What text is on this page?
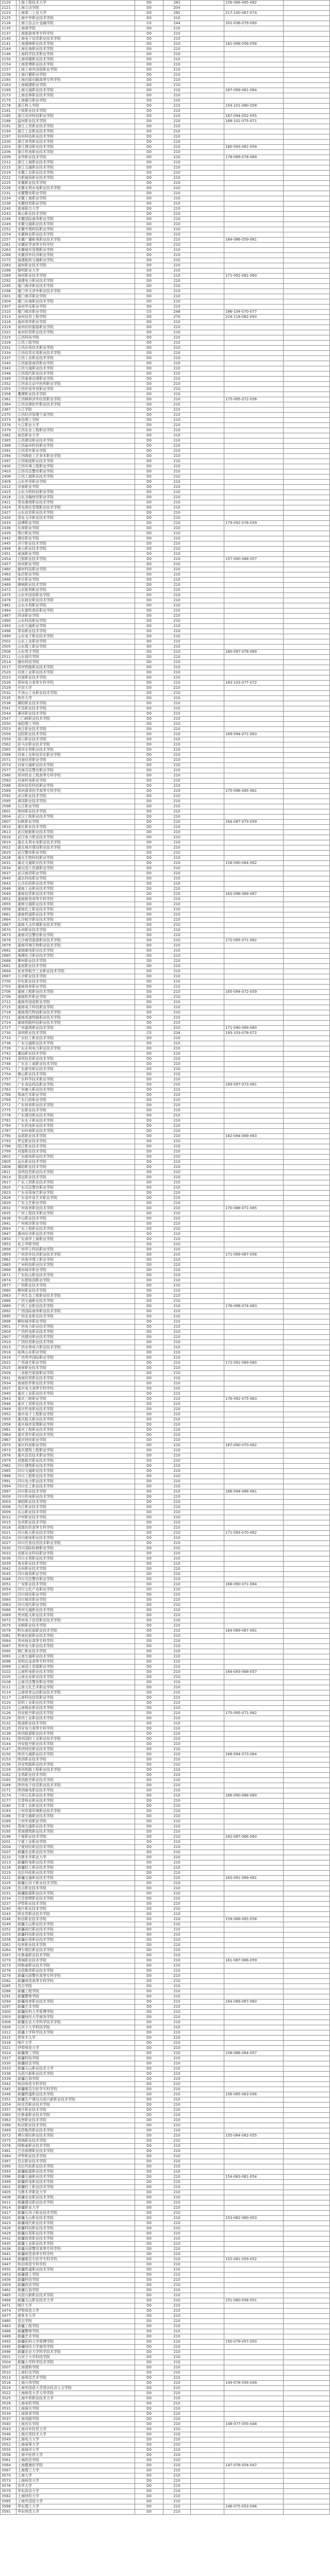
2120	上海工程技术大学	D0	282		156-066-065-082	
2121	上海立达学院	D0	204			
2123	上海第二工业大学	D0	282		217-100-067-07A	
2125	上海中华职业技术学院	D0	210			
2128	上海立信会计金融学院	C0	244		201-036-079-090	
2135	上海商学院	D0	210			
2137	上海旅游高等专科学校	D0	210			
2140	上海电子信息职业技术学院	D0	210			
2141	上海建峰职业技术学院	D0	210		181-098-056-058	
2144	上海东海职业技术学院	D0	210			
2146	上海科学技术职业学院	D0	210			
2150	上海邦德职业技术学院	D0	210			
2154	上海思博职业技术学院	D0	210			
2157	上海工商外国语职业学院	D0	210			
2158	上海行健职业学院	D0	210			
2160	上海出版印刷高等专科学校	D0	210			
2163	上海城建职业学院	D0	210			
2169	上海交通职业技术学院	D0	210		167-099-061-064	
2173	上海农林职业技术学院	D0	210			
2175	上海震旦职业学院	D0	210			
2178	浙江树人学院	D0	210		154-101-080-058	
2181	宁波职业技术学院	D0	210			
2185	浙江同济科技职业学院	D0	210		167-094-052-055	
2188	温州职业技术学院	D0	210		168-101-075-071	
2191	浙江工贸职业技术学院	D0	210			
2194	浙江工业职业技术学院	D0	210			
2197	杭州科技职业技术学院	D0	210			
2200	浙江育英职业技术学院	D0	210			
2203	浙江建设职业技术学院	D0	210		180-093-061-059	
2206	浙江机电职业技术学院	D0	210			
2209	金华职业技术学院	D0	210		178-099-078-069	
2212	浙江工商职业技术学院	D0	210			
2215	浙江交通职业技术学院	D0	210			
2219	安徽工业职业技术学院	D0	210			
2222	合肥通用职业技术学院	D0	210			
2225	安徽职业技术学院	D0	210			
2228	安徽水利水电职业技术学院	D0	210			
2231	安徽警官职业学院	D0	210			
2234	安徽工商职业学院	D0	210			
2238	安徽财贸职业学院	D0	210			
2240	淮南联合大学	D0	210			
2243	黄山职业技术学院	D0	210			
2246	安徽国际商务职业学院	D0	210			
2249	安徽交通职业技术学院	D0	210			
2252	安徽中澳科技职业学院	D0	210			
2254	安徽林业职业技术学院	D0	210			
2257	安徽广播影视职业技术学院	D0	210		164-086-059-061	
2261	安徽医学高等专科学校	D0	210			
2263	安徽城市管理职业学院	D0	210			
2266	安徽涉外经济职业学院	D0	210			
2275	福建船政交通职业学院	D0	210			
2283	福州职业技术学院	D0	210			
2286	黎明职业大学	D0	210			
2289	漳州职业技术学院	D0	210		171-092-081-060	
2292	福建电力职业技术学院	D0	210			
2295	厦门海洋职业技术学院	D0	210			
2298	厦门华天涉外职业技术学院	D0	210			
2301	厦门南洋职业学院	D0	210			
2304	厦门东海职业技术学院	D0	210			
2307	泉州华光职业学院	D0	210			
2310	厦门城市职业学院	C0	248		186-104-070-077	
2313	泉州信息工程学院	D0	270		224-118-082-093	
2316	福州英华职业学院	D0	210			
2319	泉州纺织服装职业学院	D0	210			
2322	泉州经贸职业技术学院	D0	210			
2325	江西科技学院	D0	210			
2328	江西工程学院	D0	210			
2331	江西应用技术职业学院	D0	210			
2334	江西信息应用职业技术学院	D0	210			
2337	江西工业职业技术学院	D0	210			
2340	江西旅游商贸职业学院	D0	210			
2343	江西交通职业技术学院	D0	210			
2346	江西现代职业技术学院	D0	210			
2349	江西泰豪动漫职业学院	D0	210			
2352	江西省北京中医药职业学院	D0	210			
2355	江西外语外贸职业学院	D0	210			
2358	鹰潭职业技术学院	D0	210			
2361	江西枫林涉外经贸职业学院	D0	210		175-095-072-056	
2364	江西先锋软件职业技术学院	D0	210			
2367	九江学院	D0	210			
2370	江西经济管理干部学院	D0	210			
2373	南昌理工学院	D0	210			
2376	九江职业大学	D0	210			
2379	江西农业工程职业学院	D0	210			
2382	南昌职业大学	D0	210			
2385	江西建设职业技术学院	D0	210			
2388	江西渝州科技职业学院	D0	210			
2391	江西青年职业学院	D0	210			
2394	江西陶瓷工艺美术职业学院	D0	210			
2397	江西制造职业技术学院	D0	210			
2400	江西环境工程职业学院	D0	210			
2403	江西司法警官职业学院	D0	210			
2406	江西工商职业技术学院	D0	210			
2409	山东外贸职业学院	D0	210			
2412	济南职业学院	D0	210			
2415	山东力明科技职业学院	D0	210			
2418	山东圣翰财贸职业学院	D0	210			
2421	青岛港湾职业技术学院	D0	210			
2424	青岛酒店管理职业技术学院	D0	210			
2427	山东信息职业技术学院	D0	210			
2430	青岛飞洋职业技术学院	D0	210			
2433	淄博职业学院	D0	210		179-092-076-059	
2436	东营职业学院	D0	210			
2439	烟台职业学院	D0	210			
2442	潍坊职业学院	D0	210			
2445	济宁职业技术学院	D0	210			
2448	泰山职业技术学院	D0	210			
2451	威海职业学院	D0	210			
2454	日照职业技术学院	D0	210		157-090-068-057	
2457	滨州职业学院	D0	210			
2460	德州科技职业学院	D0	210			
2463	临沂职业学院	D0	210			
2466	枣庄职业学院	D0	210			
2469	聊城职业技术学院	D0	210			
2472	山东胜利职业学院	D0	210			
2475	山东外国语职业学院	D0	210			
2478	山东商业职业技术学院	D0	210			
2481	山东水利职业学院	D0	210			
2484	山东畜牧兽医职业学院	D0	210			
2487	菏泽职业学院	D0	210			
2490	山东科技职业学院	D0	210			
2493	山东交通职业学院	D0	210			
2496	青岛职业技术学院	D0	210			
2499	山东电子职业技术学院	D0	210			
2502	山东工业职业学院	D0	210			
2505	山东理工职业学院	D0	210			
2508	山东英才学院	D0	210		180-097-078-069	
2511	山东现代学院	D0	210			
2514	潍坊科技学院	D0	210			
2517	郑州铁路职业技术学院	D0	210			
2520	河南工业职业技术学院	D0	210			
2523	河南职业技术学院	D0	210			
2526	郑州电力高等专科学校	D0	210		183-103-077-072	
2529	开封大学	D0	210			
2532	平顶山工业职业技术学院	D0	210			
2535	焦作大学	D0	210			
2538	濮阳职业技术学院	D0	210			
2541	许昌职业技术学院	D0	210			
2544	漯河职业技术学院	D0	210			
2547	三门峡职业技术学院	D0	210			
2550	南阳理工学院	D0	210			
2553	商丘职业技术学院	D0	210			
2556	信阳职业技术学院	D0	210		169-094-071-063	
2559	周口职业技术学院	D0	210			
2562	驻马店职业技术学院	D0	210			
2565	黄河水利职业技术学院	D0	210			
2568	河南工业和信息化职业学院	D0	210			
2571	河南经贸职业学院	D0	210			
2574	河南交通职业技术学院	D0	210			
2577	河南司法警官职业学院	D0	210			
2580	郑州牧业工程高等专科学校	D0	210			
2583	河南机电职业学院	D0	210			
2586	郑州信息科技职业学院	D0	210			
2589	郑州澍青医学高等专科学校	D0	210		175-096-065-061	
2592	武汉职业技术学院	D0	210			
2595	黄冈职业技术学院	D0	210			
2598	长江职业学院	D0	210			
2601	荆州职业技术学院	D0	210			
2604	武汉工程职业技术学院	D0	210			
2607	仙桃职业学院	D0	210		164-087-073-059	
2610	湖北职业技术学院	D0	210			
2613	武汉船舶职业技术学院	D0	210			
2616	武汉电力职业技术学院	D0	210			
2619	湖北水利水电职业技术学院	D0	210			
2622	湖北城市建设职业技术学院	D0	210			
2625	武汉警官职业学院	D0	210			
2628	湖北生物科技职业学院	D0	210			
2631	湖北交通职业技术学院	D0	210		158-090-064-062	
2634	湖北国土资源职业学院	D0	210			
2637	武汉商贸职业学院	D0	210			
2640	湖北科技职业学院	D0	210			
2643	长沙民政职业技术学院	D0	210			
2646	湖南工业职业技术学院	D0	210			
2649	湖南信息职业技术学院	D0	210		163-098-069-067	
2652	湖南税务高等专科学校	D0	210			
2655	湖南交通职业技术学院	D0	210			
2658	湖南化工职业技术学院	D0	210			
2661	湖南铁道职业技术学院	D0	210			
2664	长沙航空职业技术学院	D0	210			
2667	湖南大众传媒职业技术学院	D0	210			
2670	永州职业技术学院	D0	210			
2673	湖南司法警官职业学院	D0	210			
2676	长沙商贸旅游职业技术学院	D0	210		172-095-071-062	
2679	湖南环境生物职业技术学院	D0	210			
2682	湖南邮电职业技术学院	D0	210			
2685	湘潭医卫职业技术学院	D0	210			
2688	郴州职业技术学院	D0	210			
2691	娄底职业技术学院	D0	210			
2694	张家界航空工业职业技术学院	D0	210			
2697	长沙职业技术学院	D0	210			
2700	怀化职业技术学院	D0	210			
2703	湖南体育职业学院	D0	210			
2706	湖南工程职业技术学院	D0	210		165-094-072-059	
2709	湖南软件职业学院	D0	210			
2712	湖南外国语职业学院	D0	210			
2715	湖南电子科技职业学院	D0	210			
2718	湖南现代物流职业技术学院	D0	210			
2721	湖南高速铁路职业技术学院	D0	210			
2724	湖南铁路科技职业技术学院	D0	210			
2727	广州番禺职业技术学院	D0	210		171-090-069-060	
2730	深圳职业技术学院	C0	234		193-103-078-072	
2733	广东轻工职业技术学院	D0	210			
2736	广东交通职业技术学院	D0	210			
2739	广东水利电力职业技术学院	D0	210			
2742	潮汕职业技术学院	D0	210			
2745	深圳信息职业技术学院	D0	210			
2748	广东农工商职业技术学院	D0	210			
2751	广东新安职业技术学院	D0	210			
2754	佛山职业技术学院	D0	210			
2757	广东科学技术职业学院	D0	210			
2760	广东食品药品职业学院	D0	210		169-097-073-061	
2763	广州康大职业技术学院	D0	210			
2766	珠海艺术职业学院	D0	210			
2769	广东行政职业学院	D0	210			
2772	广东体育职业技术学院	D0	210			
2775	广东职业技术学院	D0	210			
2778	广东建设职业技术学院	D0	210			
2781	广东女子职业技术学院	D0	210			
2784	广东机电职业技术学院	D0	210			
2787	广东岭南职业技术学院	D0	210			
2790	汕尾职业技术学院	D0	210		162-094-069-063	
2793	罗定职业技术学院	D0	210			
2796	阳江职业技术学院	D0	210			
2799	河源职业技术学院	D0	210			
2802	广东邮电职业技术学院	D0	210			
2805	汕头职业技术学院	D0	210			
2808	揭阳职业技术学院	D0	210			
2811	深圳信息职业技术学院	D0	210			
2814	清远职业技术学院	D0	210			
2817	广东工贸职业技术学院	D0	210			
2820	广东司法警官职业学院	D0	210			
2823	广东亚视演艺职业学院	D0	210			
2826	广东省外语艺术职业学院	D0	210			
2829	广东文艺职业学院	D0	210			
2832	广州体育职业技术学院	D0	210		170-088-071-065	
2835	广州工程技术职业学院	D0	210			
2838	中山职业技术学院	D0	210			
2841	广州城市职业学院	D0	210			
2844	广东工程职业技术学院	D0	210			
2847	惠州经济职业技术学院	D0	210			
2850	广东南华工商职业学院	D0	210			
2853	私立华联学院	D0	210			
2856	广州华立科技职业学院	D0	210			
2859	广州涉外经济职业技术学院	D0	210		171-099-067-058	
2862	广州南洋理工职业学院	D0	210			
2865	广州科技职业技术学院	D0	210			
2868	惠州城市职业学院	D0	210			
2871	广东松山职业技术学院	D0	210			
2874	广东碧桂园职业学院	D0	210			
2877	广西职业技术学院	D0	210			
2880	柳州职业技术学院	D0	210			
2883	广西生态工程职业技术学院	D0	210			
2886	广西交通职业技术学院	D0	210			
2889	广西工业职业技术学院	D0	210		176-098-074-063	
2892	广西国际商务职业技术学院	D0	210			
2895	广西农业职业技术学院	D0	210			
2898	柳州城市职业学院	D0	210			
2901	广西电力职业技术学院	D0	210			
2904	广西机电职业技术学院	D0	210			
2907	广西建设职业技术学院	D0	210			
2910	广西经贸职业技术学院	D0	210			
2913	广西水利电力职业技术学院	D0	210			
2916	桂林山水职业学院	D0	210			
2919	广西英华国际职业学院	D0	210			
2922	广西演艺职业学院	D0	210		172-091-069-060	
2925	海南职业技术学院	D0	210			
2928	三亚航空旅游职业学院	D0	210			
2931	海南经贸职业技术学院	D0	210			
2934	海南软件职业技术学院	D0	210			
2937	重庆电力高等专科学校	D0	210			
2940	重庆工业职业技术学院	D0	210			
2943	重庆三峡职业学院	D0	210		176-092-075-063	
2946	重庆工贸职业技术学院	D0	210			
2949	重庆机电职业技术学院	D0	210			
2952	重庆电子工程职业学院	D0	210			
2955	重庆航天职业技术学院	D0	210			
2958	重庆城市管理职业学院	D0	210			
2961	重庆工程职业技术学院	D0	210			
2964	重庆青年职业技术学院	D0	210			
2967	重庆财经职业学院	D0	210			
2970	重庆科创职业学院	D0	210		167-090-070-062	
2973	重庆建筑工程职业学院	D0	210			
2976	重庆信息技术职业学院	D0	210			
2979	成都航空职业技术学院	D0	210			
2982	四川建筑职业技术学院	D0	210			
2985	四川交通职业技术学院	D0	210			
2988	四川工程职业技术学院	D0	210			
2991	四川电力职业技术学院	D0	210			
2994	四川化工职业技术学院	D0	210			
2997	四川职业技术学院	D0	210		166-094-068-061	
3000	四川机电职业技术学院	D0	210			
3003	绵阳职业技术学院	D0	210			
3006	内江职业技术学院	D0	210			
3009	乐山职业技术学院	D0	210			
3012	泸州职业技术学院	D0	210			
3015	宜宾职业技术学院	D0	210			
3018	成都纺织高等专科学校	D0	210			
3021	四川航天职业技术学院	D0	210		171-093-070-062	
3024	四川邮电职业技术学院	D0	210			
3027	四川托普信息技术职业学院	D0	210			
3030	四川国际标榜职业学院	D0	210			
3033	成都农业科技职业学院	D0	210			
3036	四川水利职业技术学院	D0	210			
3039	南充职业技术学院	D0	210			
3042	达州职业技术学院	D0	210			
3045	四川商务职业学院	D0	210			
3048	四川司法警官职业学院	D0	210			
3051	广安职业技术学院	D0	210		166-090-071-064	
3054	四川文化产业职业学院	D0	210			
3057	四川财经职业学院	D0	210			
3060	四川城市职业学院	D0	210			
3063	四川现代职业学院	D0	210			
3066	贵州交通职业技术学院	D0	210			
3069	贵州航天职业技术学院	D0	210			
3072	贵州电子信息职业技术学院	D0	210			
3075	安顺职业技术学院	D0	210			
3078	黔东南民族职业技术学院	D0	210		164-089-067-061	
3081	黔南民族职业技术学院	D0	210			
3084	贵州商业高等专科学校	D0	210			
3087	贵州电力职业技术学院	D0	210			
3090	铜仁职业技术学院	D0	210			
3093	云南交通职业技术学院	D0	210			
3096	昆明冶金高等专科学校	D0	210			
3099	云南国土资源职业学院	D0	210			
3102	云南机电职业技术学院	D0	210		164-093-068-057	
3105	云南农业职业技术学院	D0	210			
3108	云南司法警官职业学院	D0	210			
3111	云南文化艺术职业学院	D0	210			
3114	云南体育运动职业技术学院	D0	210			
3117	云南科技信息职业学院	D0	210			
3120	昆明工业职业技术学院	D0	210			
3123	云南锡业职业技术学院	D0	210			
3126	西安航空职业技术学院	D0	210		175-095-071-062	
3129	陕西工业职业技术学院	D0	210			
3132	杨凌职业技术学院	D0	210			
3135	西安电力高等专科学校	D0	210			
3138	陕西能源职业技术学院	D0	210			
3141	陕西国防工业职业技术学院	D0	210			
3144	西安航空职业技术学院	D0	210			
3147	陕西财经职业技术学院	D0	210			
3150	陕西交通职业技术学院	D0	210		168-094-073-064	
3153	陕西职业技术学院	D0	210			
3156	西安铁路职业技术学院	D0	210			
3159	陕西铁路工程职业技术学院	D0	210			
3162	宝鸡职业技术学院	D0	210			
3165	陕西航空职业技术学院	D0	210			
3168	陕西电子信息职业技术学院	D0	210			
3171	陕西邮电职业技术学院	D0	210			
3174	兰州石化职业技术学院	D0	210		166-090-068-060	
3177	甘肃林业职业技术学院	D0	210			
3180	甘肃工业职业技术学院	D0	210			
3183	兰州资源环境职业技术学院	D0	210			
3186	甘肃交通职业技术学院	D0	210			
3189	兰州外语职业学院	D0	210			
3192	青海交通职业技术学院	D0	210			
3195	青海建筑职业技术学院	D0	210			
3198	宁夏职业技术学院	D0	210		162-087-066-060	
3201	宁夏工业职业学院	D0	210			
3204	宁夏财经职业技术学院	D0	210			
3207	新疆农业职业技术学院	D0	210			
3210	乌鲁木齐职业大学	D0	210			
3213	新疆机电职业技术学院	D0	210			
3216	新疆轻工职业技术学院	D0	210			
3219	克拉玛依职业技术学院	D0	210			
3222	新疆交通职业技术学院	D0	210		163-091-069-061	
3225	新疆石河子职业技术学院	D0	210			
3228	昌吉职业技术学院	D0	210			
3231	新疆能源职业技术学院	D0	210			
3234	巴音郭楞职业技术学院	D0	210			
3237	伊犁职业技术学院	D0	210			
3240	喀什职业技术学院	D0	210			
3243	阿克苏职业技术学院	D0	210			
3246	和田职业技术学院	D0	210		159-088-065-058	
3249	新疆天山职业技术学院	D0	210			
3252	新疆现代职业技术学院	D0	210			
3255	新疆科技职业技术学院	D0	210			
3258	新疆应用职业技术学院	D0	210			
3261	哈密职业技术学院	D0	210			
3264	博尔塔拉职业技术学院	D0	210			
3267	吐鲁番职业技术学院	D0	210			
3270	塔城职业技术学院	D0	210		161-087-066-059	
3273	阿勒泰职业技术学院	D0	210			
3276	克孜勒苏职业技术学院	D0	210			
3279	新疆兵团警官高等专科学校	D0	210			
3282	新疆师范高等专科学校	D0	210			
3285	昌吉学院	D0	210			
3288	新疆工程学院	D0	210			
3291	新疆警察学院	D0	210			
3294	新疆体育职业技术学院	D0	210		164-089-067-060	
3297	新疆艺术学院	D0	210			
3300	新疆医科大学厚博学院	D0	210			
3303	新疆财经大学商务学院	D0	210			
3306	新疆农业大学科学技术学院	D0	210			
3309	石河子大学科技学院	D0	210			
3312	新疆大学科学技术学院	D0	210			
3315	塔里木大学	D0	210			
3318	喀什大学	D0	210			
3321	伊犁师范大学	D0	210			
3324	新疆理工学院	D0	210		158-086-064-057	
3327	新疆科技学院	D0	210			
3330	新疆政法学院	D0	210			
3333	新疆天山职业技术大学	D0	210			
3336	兵团兴新职业技术学院	D0	210			
3339	新疆石油学院	D0	210			
3342	和田师范专科学校	D0	210			
3345	新疆维吾尔医学专科学校	D0	210			
3348	新疆铁道职业技术学院	D0	210		156-085-063-056	
3351	新疆生产建设兵团兴新职业技术学院	D0	210			
3354	阿克苏职业技术学院	D0	210			
3357	喀什职业技术学院	D0	210			
3360	吐鲁番职业技术学院	D0	210			
3363	哈密职业技术学院	D0	210			
3366	和田职业技术学院	D0	210			
3369	克孜勒苏职业技术学院	D0	210			
3372	博尔塔拉职业技术学院	D0	210		155-084-062-055	
3375	塔城职业技术学院	D0	210			
3378	阿勒泰职业技术学院	D0	210			
3381	巴音郭楞职业技术学院	D0	210			
3384	伊犁职业技术学院	D0	210			
3387	昌吉职业技术学院	D0	210			
3390	克拉玛依职业技术学院	D0	210			
3393	新疆能源职业技术学院	D0	210			
3396	新疆交通职业技术学院	D0	210		154-083-061-054	
3399	新疆机电职业技术学院	D0	210			
3402	新疆轻工职业技术学院	D0	210			
3405	乌鲁木齐职业大学	D0	210			
3408	新疆农业职业技术学院	D0	210			
3411	新疆建设职业技术学院	D0	210			
3414	新疆职业大学	D0	210			
3417	新疆石河子职业技术学院	D0	210			
3420	新疆天山职业技术学院	D0	210		153-082-060-053	
3423	新疆现代职业技术学院	D0	210			
3426	新疆科技职业技术学院	D0	210			
3429	新疆应用职业技术学院	D0	210			
3432	新疆体育职业技术学院	D0	210			
3435	新疆工业职业技术学院	D0	210			
3438	新疆兵团警官高等专科学校	D0	210			
3441	新疆师范高等专科学校	D0	210			
3444	新疆维吾尔医学专科学校	D0	210		152-081-059-052	
3447	和田师范专科学校	D0	210			
3450	新疆铁道职业技术学院	D0	210			
3453	新疆理工学院	D0	210			
3456	新疆科技学院	D0	210			
3459	新疆政法学院	D0	210			
3462	新疆石油学院	D0	210			
3465	兵团兴新职业技术学院	D0	210			
3468	新疆天山职业技术大学	D0	210		151-080-058-051	
3471	喀什大学	D0	210			
3474	伊犁师范大学	D0	210			
3477	塔里木大学	D0	210			
3480	昌吉学院	D0	210			
3483	新疆工程学院	D0	210			
3486	新疆警察学院	D0	210			
3489	新疆艺术学院	D0	210			
3492	新疆医科大学厚博学院	D0	210		150-079-057-050	
3495	新疆财经大学商务学院	D0	210			
3498	新疆农业大学科学技术学院	D0	210			
3501	石河子大学科技学院	D0	210			
3504	新疆大学科学技术学院	D0	210			
3507	上海建桥学院	D0	210			
3510	上海杉达学院	D0	210			
3513	上海视觉艺术学院	D0	210			
3516	上海兴伟学院	D0	210		149-078-056-049	
3519	上海外国语大学贤达经济人文学院	D0	210			
3522	上海师范大学天华学院	D0	210			
3525	上海中侨职业技术大学	D0	210			
3528	上海电机学院	D0	210			
3531	上海海关学院	D0	210			
3534	上海体育学院	D0	210			
3537	上海戏剧学院	D0	210			
3540	上海音乐学院	D0	210		148-077-055-048	
3543	上海对外经贸大学	D0	210			
3546	上海应用技术大学	D0	210			
3549	上海电力大学	D0	210			
3552	上海海事大学	D0	210			
3555	上海海洋大学	D0	210			
3558	上海中医药大学	D0	210			
3561	上海政法学院	D0	210			
3564	上海健康医学院	D0	210		147-076-054-047	
3567	上海理工大学	D0	210			
3570	上海大学	D0	210			
3573	上海师范大学	D0	210			
3576	东华大学	D0	210			
3579	华东政法大学	D0	210			
3582	上海财经大学	D0	210			
3585	上海外国语大学	D0	210			
3588	华东理工大学	D0	210		146-075-053-046	
3591	华东师范大学	D0	210			
